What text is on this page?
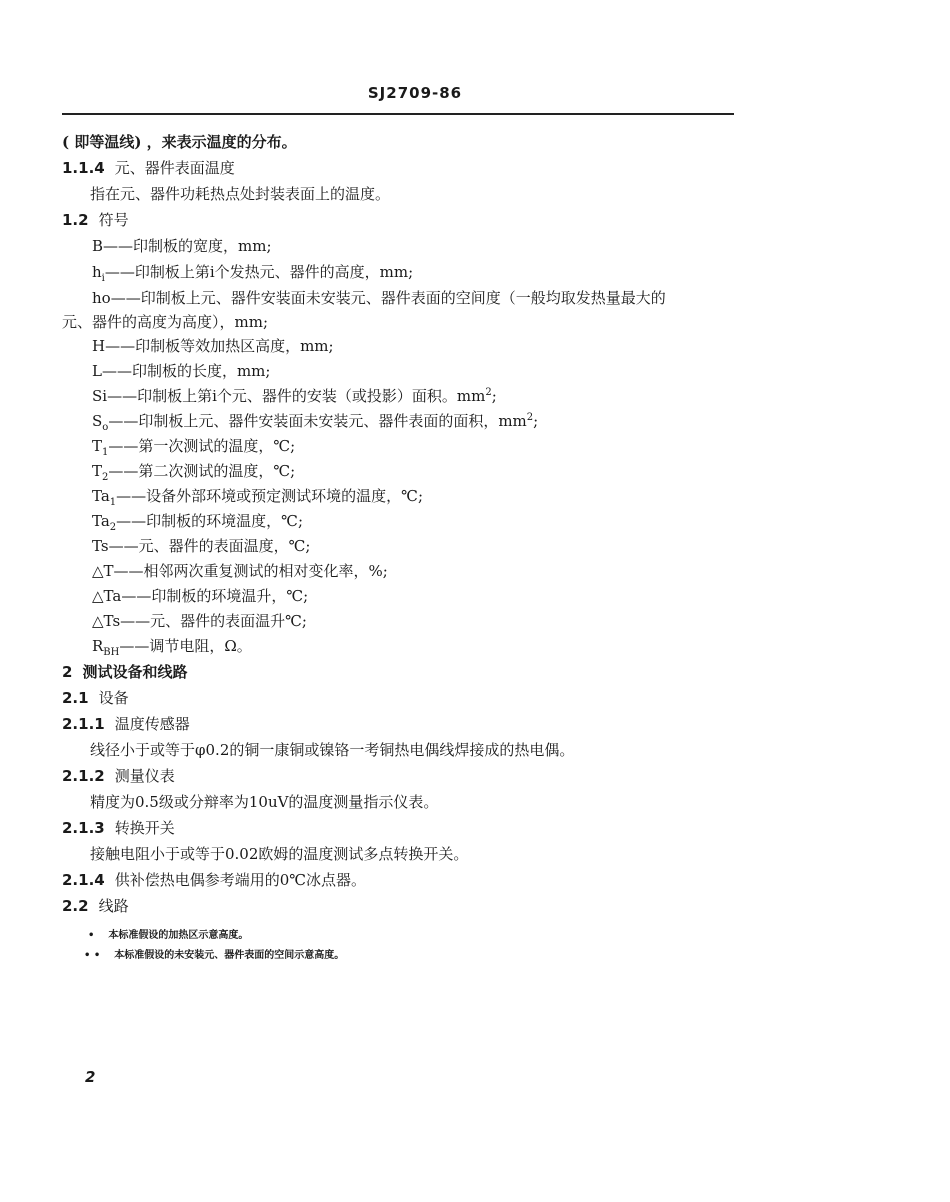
SJ2709-86
( 即等温线) ，来表示温度的分布。
1.1.4 元、器件表面温度
指在元、器件功耗热点处封装表面上的温度。
1.2 符号
B——印制板的宽度，mm;
$h_i——$印制板上第i个发热元、器件的高度，mm;
ho——印制板上元、器件安装面未安装元、器件表面的空间度（一般均取发热量最大的
元、器件的高度为高度），mm;
H——印制板等效加热区高度，mm;
L——印制板的长度，mm;
Si——印制板上第i个元、器件的安装（或投影）面积。$mm^2$;
$S_o——$印制板上元、器件安装面未安装元、器件表面的面积，$mm^2$;
$T_1——$第一次测试的温度，℃;
$T_2——$第二次测试的温度，℃;
$Ta_1——$设备外部环境或预定测试环境的温度，℃;
$Ta_2——$印制板的环境温度，℃;
Ts——元、器件的表面温度，℃;
△T——相邻两次重复测试的相对变化率，%;
△Ta——印制板的环境温升，℃;
△Ts——元、器件的表面温升℃;
$R_{BH}——$调节电阻，Ω。
2 测试设备和线路
2.1 设备
2.1.1 温度传感器
线径小于或等于φ0.2的铜一康铜或镍铬一考铜热电偶线焊接成的热电偶。
2.1.2 测量仪表
精度为0.5级或分辩率为10uV的温度测量指示仪表。
2.1.3 转换开关
接触电阻小于或等于0.02欧姆的温度测试多点转换开关。
2.1.4 供补偿热电偶参考端用的0℃冰点器。
2.2 线路
• 本标准假设的加热区示意高度。
• • 本标准假设的未安装元、器件表面的空间示意高度。
2
